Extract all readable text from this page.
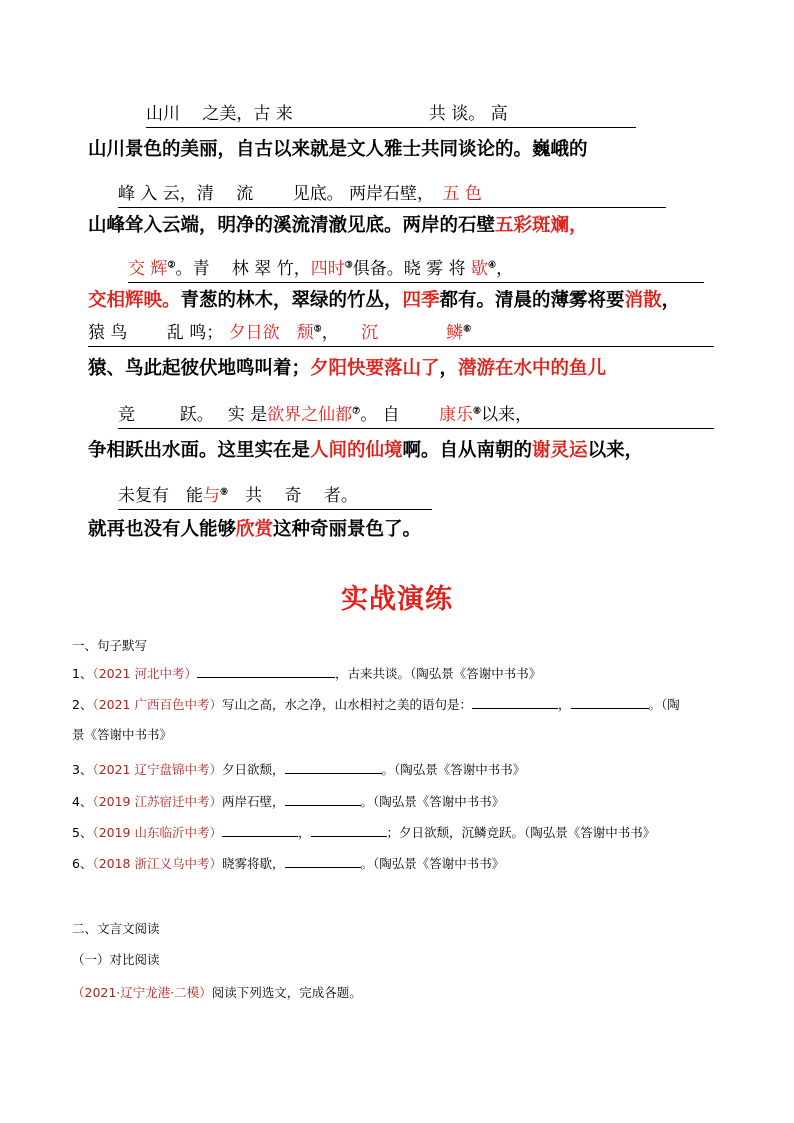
山川　 之美，古 来　　　　　　　　共 谈。 高
山川景色的美丽，自古以来就是文人雅士共同谈论的。巍峨的
峰 入 云，清　 流　　 见底。 两岸石壁，　五 色
山峰耸入云端，明净的溪流清澈见底。两岸的石壁五彩斑斓，
交 辉②。青　 林 翠 竹，四时③俱备。晓 雾 将 歇④，
交相辉映。青葱的林木，翠绿的竹丛，四季都有。清晨的薄雾将要消散，
猿 鸟　　 乱 鸣； 夕日欲　颓⑤， 　沉　　　　鳞⑥
猿、鸟此起彼伏地鸣叫着；夕阳快要落山了，潜游在水中的鱼儿
竞 　　 跃。　 实 是欲界之仙都⑦。 自　　 康乐⑧以来，
争相跃出水面。这里实在是人间的仙境啊。自从南朝的谢灵运以来，
未复有　能与⑨　共　 奇　 者。
就再也没有人能够欣赏这种奇丽景色了。
实战演练
一、句子默写
1、（2021 河北中考）	，古来共谈。（陶弘景《答谢中书书》
2、（2021 广西百色中考）写山之高，水之净，山水相衬之美的语句是：	，	。（陶
景《答谢中书书》
3、（2021 辽宁盘锦中考）夕日欲颓，	。（陶弘景《答谢中书书》
4、（2019 江苏宿迁中考）两岸石壁，	。（陶弘景《答谢中书书》
5、（2019 山东临沂中考）	，	；夕日欲颓，沉鳞竞跃。（陶弘景《答谢中书书》
6、（2018 浙江义乌中考）晓雾将歇，	。（陶弘景《答谢中书书》
二、文言文阅读
（一）对比阅读
（2021·辽宁龙港·二模）阅读下列选文，完成各题。
